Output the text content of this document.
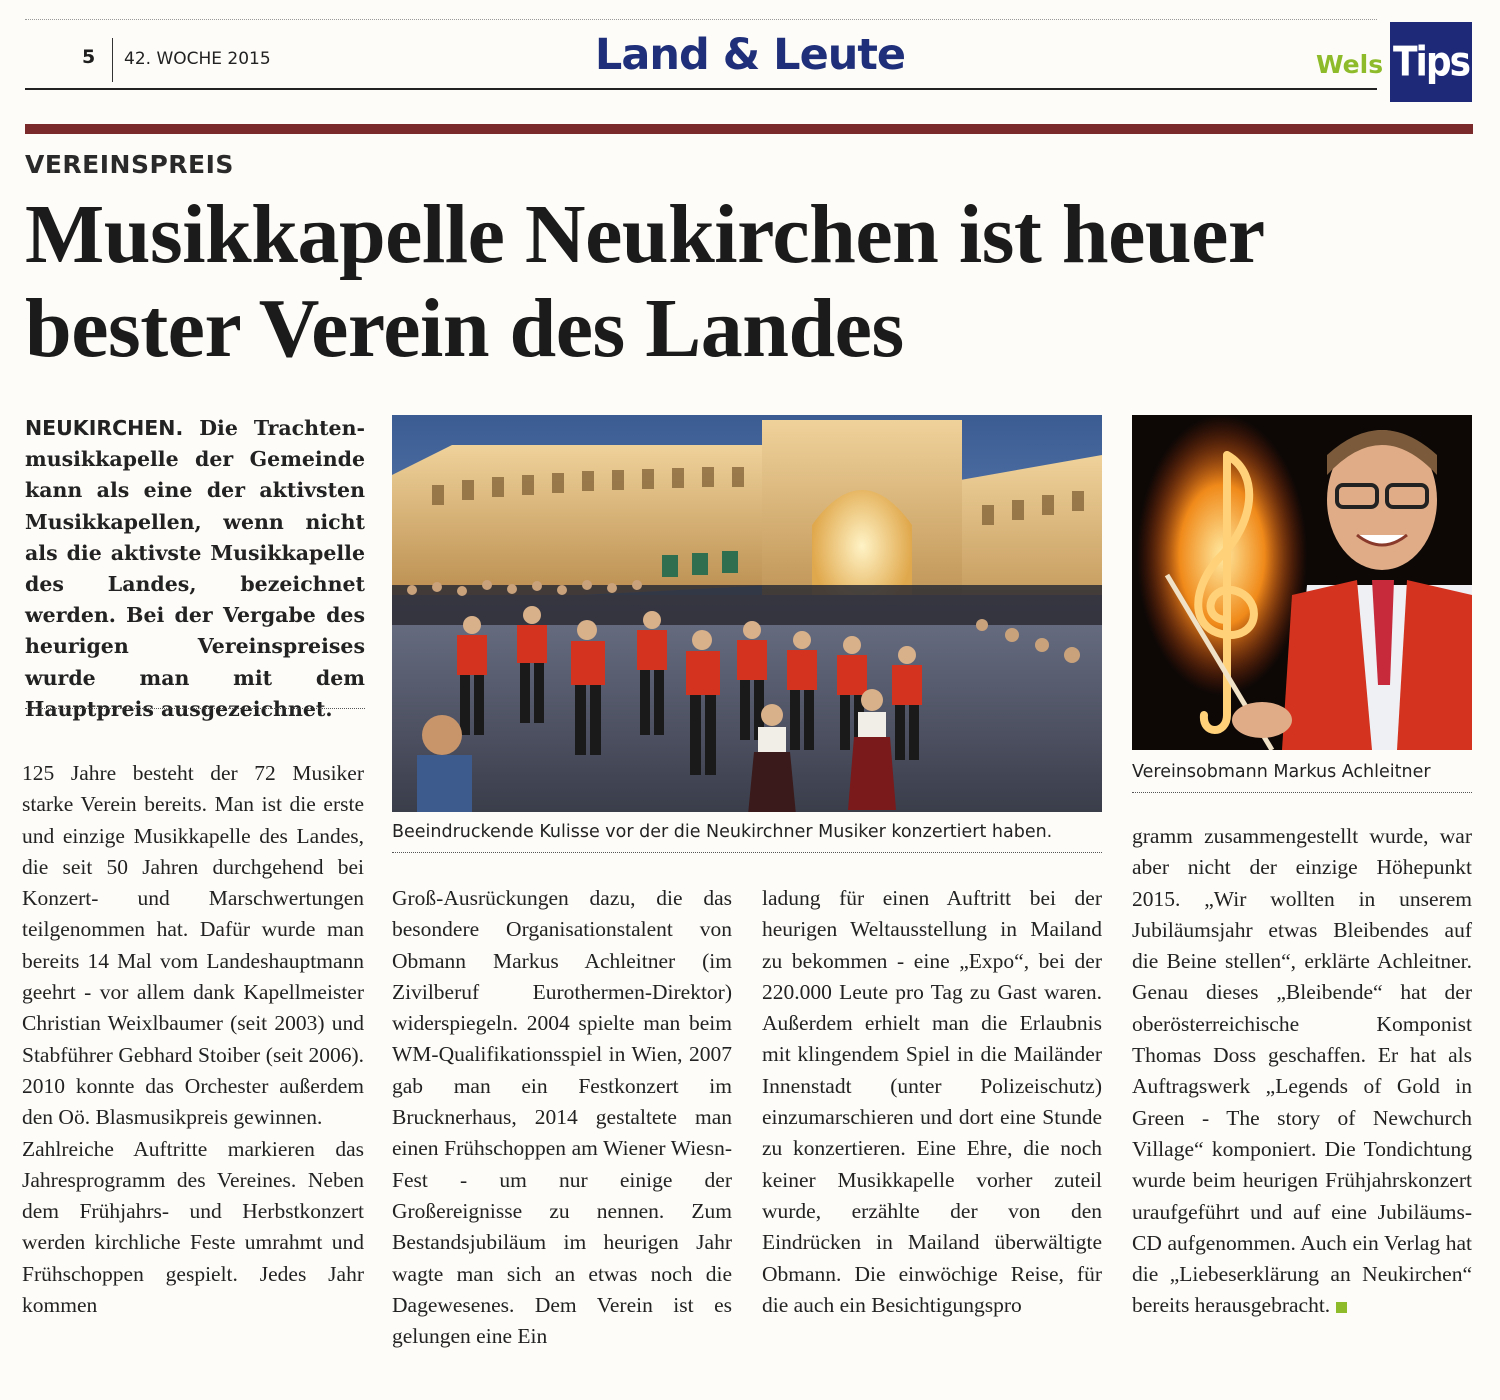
5 42. WOCHE 2015	Land & Leute	Wels Tips
VEREINSPREIS
Musikkapelle Neukirchen ist heuer bester Verein des Landes
NEUKIRCHEN. Die Trachtenmusikkapelle der Gemeinde kann als eine der aktivsten Musikkapellen, wenn nicht als die aktivste Musikkapelle des Landes, bezeichnet werden. Bei der Vergabe des heurigen Vereinspreises wurde man mit dem Hauptpreis ausgezeichnet.
Beeindruckende Kulisse vor der die Neukirchner Musiker konzertiert haben.
Vereinsobmann Markus Achleitner

125 Jahre besteht der 72 Musiker starke Verein bereits. Man ist die erste und einzige Musikkapelle des Landes, die seit 50 Jahren durchgehend bei Konzert- und Marschwertungen teilgenommen hat. Dafür wurde man bereits 14 Mal vom Landeshauptmann geehrt - vor allem dank Kapellmeister Christian Weixlbaumer (seit 2003) und Stabführer Gebhard Stoiber (seit 2006). 2010 konnte das Orchester außerdem den Oö. Blasmusikpreis gewinnen.

Zahlreiche Auftritte markieren das Jahresprogramm des Vereines. Neben dem Frühjahrs- und Herbstkonzert werden kirchliche Feste umrahmt und Frühschoppen gespielt. Jedes Jahr kommen

Groß-Ausrückungen dazu, die das besondere Organisationstalent von Obmann Markus Achleitner (im Zivilberuf Eurothermen-Direktor) widerspiegeln. 2004 spielte man beim WM-Qualifikationsspiel in Wien, 2007 gab man ein Festkonzert im Brucknerhaus, 2014 gestaltete man einen Frühschoppen am Wiener Wiesn-Fest - um nur einige der Großereignisse zu nennen. Zum Bestandsjubiläum im heurigen Jahr wagte man sich an etwas noch die Dagewesenes. Dem Verein ist es gelungen eine Ein

ladung für einen Auftritt bei der heurigen Weltausstellung in Mailand zu bekommen - eine „Expo“, bei der 220.000 Leute pro Tag zu Gast waren. Außerdem erhielt man die Erlaubnis mit klingendem Spiel in die Mailänder Innenstadt (unter Polizeischutz) einzumarschieren und dort eine Stunde zu konzertieren. Eine Ehre, die noch keiner Musikkapelle vorher zuteil wurde, erzählte der von den Eindrücken in Mailand überwältigte Obmann. Die einwöchige Reise, für die auch ein Besichtigungspro

gramm zusammengestellt wurde, war aber nicht der einzige Höhepunkt 2015. „Wir wollten in unserem Jubiläumsjahr etwas Bleibendes auf die Beine stellen“, erklärte Achleitner. Genau dieses „Bleibende“ hat der oberösterreichische Komponist Thomas Doss geschaffen. Er hat als Auftragswerk „Legends of Gold in Green - The story of Newchurch Village“ komponiert. Die Tondichtung wurde beim heurigen Frühjahrskonzert uraufgeführt und auf eine Jubiläums-CD aufgenommen. Auch ein Verlag hat die „Liebeserklärung an Neukirchen“ bereits herausgebracht.
